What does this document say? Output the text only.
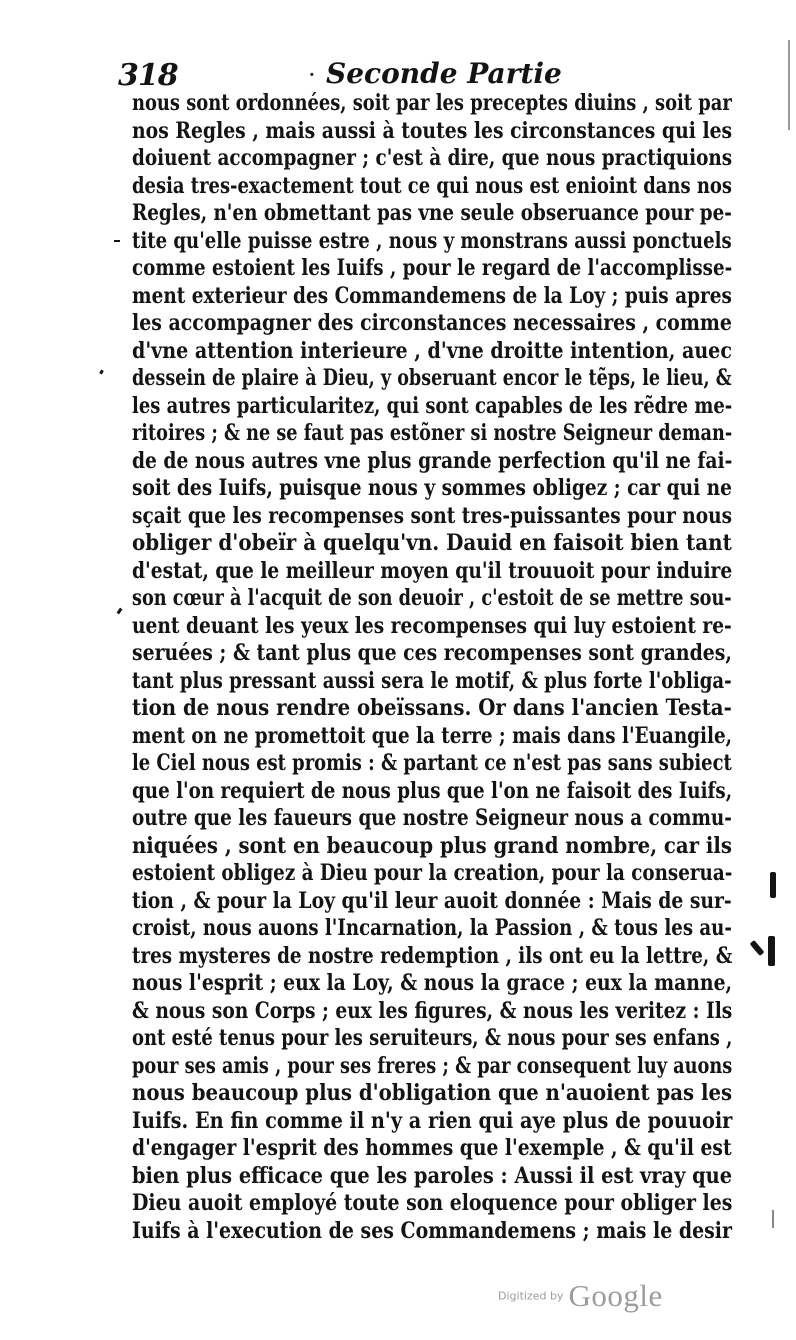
318	· Seconde Partie
nous sont ordonnées, soit par les preceptes diuins , soit par
nos Regles , mais aussi à toutes les circonstances qui les
doiuent accompagner ; c'est à dire, que nous practiquions
desia tres-exactement tout ce qui nous est enioint dans nos
Regles, n'en obmettant pas vne seule obseruance pour pe-
tite qu'elle puisse estre , nous y monstrans aussi ponctuels
comme estoient les Iuifs , pour le regard de l'accomplisse-
ment exterieur des Commandemens de la Loy ; puis apres
les accompagner des circonstances necessaires , comme
d'vne attention interieure , d'vne droitte intention, auec
dessein de plaire à Dieu, y obseruant encor le tẽps, le lieu, &
les autres particularitez, qui sont capables de les rẽdre me-
ritoires ; & ne se faut pas estõner si nostre Seigneur deman-
de de nous autres vne plus grande perfection qu'il ne fai-
soit des Iuifs, puisque nous y sommes obligez ; car qui ne
sçait que les recompenses sont tres-puissantes pour nous
obliger d'obeïr à quelqu'vn. Dauid en faisoit bien tant
d'estat, que le meilleur moyen qu'il trouuoit pour induire
son cœur à l'acquit de son deuoir , c'estoit de se mettre sou-
uent deuant les yeux les recompenses qui luy estoient re-
seruées ; & tant plus que ces recompenses sont grandes,
tant plus pressant aussi sera le motif, & plus forte l'obliga-
tion de nous rendre obeïssans. Or dans l'ancien Testa-
ment on ne promettoit que la terre ; mais dans l'Euangile,
le Ciel nous est promis : & partant ce n'est pas sans subiect
que l'on requiert de nous plus que l'on ne faisoit des Iuifs,
outre que les faueurs que nostre Seigneur nous a commu-
niquées , sont en beaucoup plus grand nombre, car ils
estoient obligez à Dieu pour la creation, pour la conserua-
tion , & pour la Loy qu'il leur auoit donnée : Mais de sur-
croist, nous auons l'Incarnation, la Passion , & tous les au-
tres mysteres de nostre redemption , ils ont eu la lettre, &
nous l'esprit ; eux la Loy, & nous la grace ; eux la manne,
& nous son Corps ; eux les figures, & nous les veritez : Ils
ont esté tenus pour les seruiteurs, & nous pour ses enfans ,
pour ses amis , pour ses freres ; & par consequent luy auons
nous beaucoup plus d'obligation que n'auoient pas les
Iuifs. En fin comme il n'y a rien qui aye plus de pouuoir
d'engager l'esprit des hommes que l'exemple , & qu'il est
bien plus efficace que les paroles : Aussi il est vray que
Dieu auoit employé toute son eloquence pour obliger les
Iuifs à l'execution de ses Commandemens ; mais le desir
Digitized by Google
